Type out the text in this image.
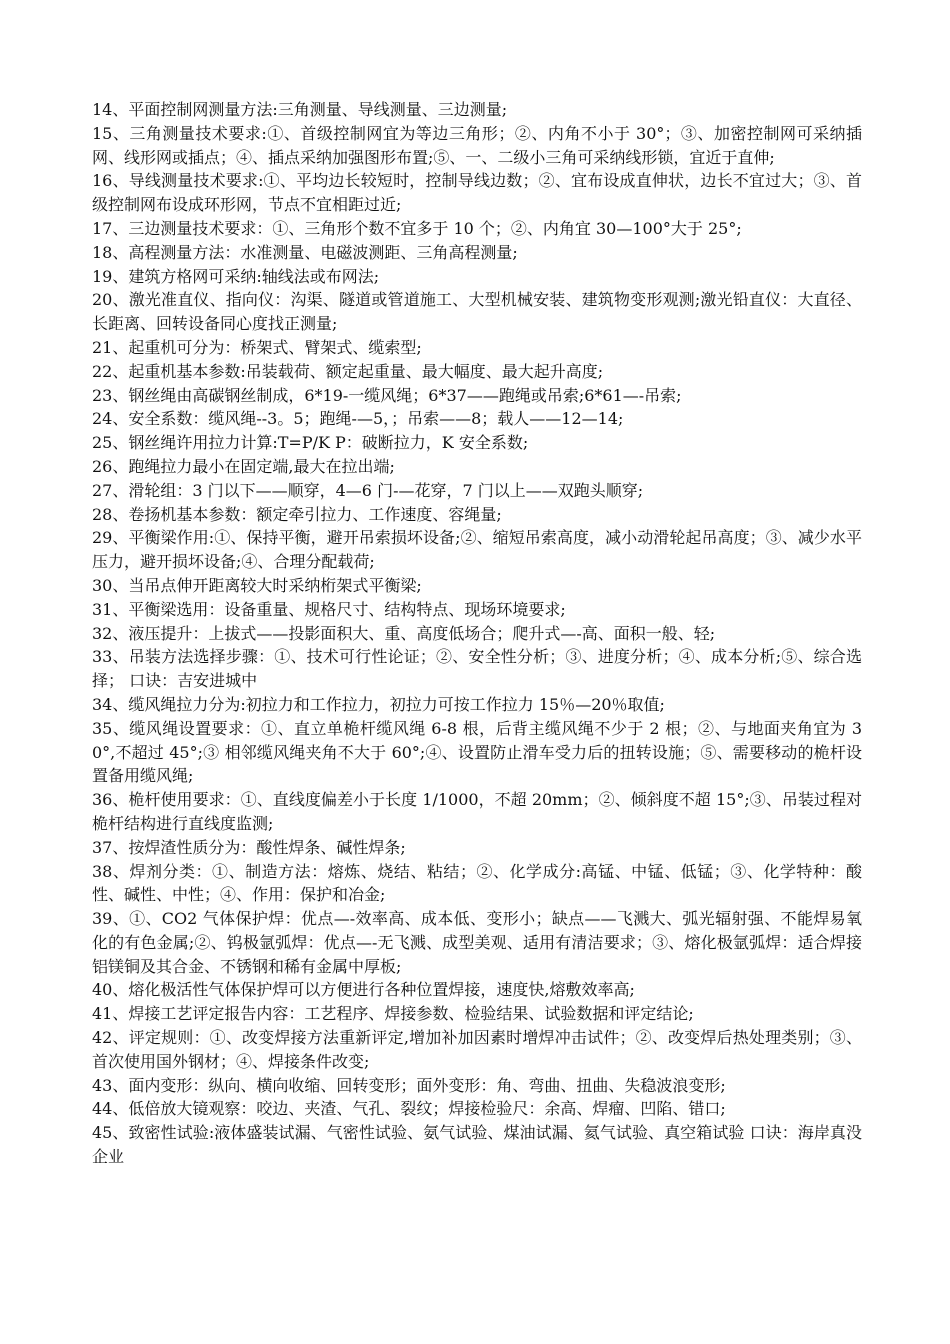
14、平面控制网测量方法:三角测量、导线测量、三边测量;

15、三角测量技术要求:①、首级控制网宜为等边三角形；②、内角不小于 30°；③、加密控制网可采纳插网、线形网或插点；④、插点采纳加强图形布置;⑤、一、二级小三角可采纳线形锁，宜近于直伸;

16、导线测量技术要求:①、平均边长较短时，控制导线边数；②、宜布设成直伸状，边长不宜过大；③、首级控制网布设成环形网，节点不宜相距过近;

17、三边测量技术要求：①、三角形个数不宜多于 10 个；②、内角宜 30—100°大于 25°;

18、高程测量方法：水准测量、电磁波测距、三角高程测量;

19、建筑方格网可采纳:轴线法或布网法;

20、激光准直仪、指向仪：沟渠、隧道或管道施工、大型机械安装、建筑物变形观测;激光铅直仪：大直径、长距离、回转设备同心度找正测量;

21、起重机可分为：桥架式、臂架式、缆索型;

22、起重机基本参数:吊装载荷、额定起重量、最大幅度、最大起升高度;

23、钢丝绳由高碳钢丝制成，6*19-一缆风绳；6*37——跑绳或吊索;6*61—-吊索;

24、安全系数：缆风绳--3。5；跑绳-—5，；吊索——8；载人——12—14;

25、钢丝绳许用拉力计算:T=P/K P：破断拉力，K 安全系数;

26、跑绳拉力最小在固定端,最大在拉出端;

27、滑轮组：3 门以下——顺穿，4—6 门-—花穿，7 门以上——双跑头顺穿;

28、卷扬机基本参数：额定牵引拉力、工作速度、容绳量;

29、平衡梁作用:①、保持平衡，避开吊索损坏设备;②、缩短吊索高度，减小动滑轮起吊高度；③、减少水平压力，避开损坏设备;④、合理分配载荷;

30、当吊点伸开距离较大时采纳桁架式平衡梁;

31、平衡梁选用：设备重量、规格尺寸、结构特点、现场环境要求;

32、液压提升：上拔式——投影面积大、重、高度低场合；爬升式—-高、面积一般、轻;

33、吊装方法选择步骤：①、技术可行性论证；②、安全性分析；③、进度分析；④、成本分析;⑤、综合选择； 口诀：吉安进城中

34、缆风绳拉力分为:初拉力和工作拉力，初拉力可按工作拉力 15％—20％取值;

35、缆风绳设置要求：①、直立单桅杆缆风绳 6-8 根，后背主缆风绳不少于 2 根；②、与地面夹角宜为 30°,不超过 45°;③ 相邻缆风绳夹角不大于 60°;④、设置防止滑车受力后的扭转设施；⑤、需要移动的桅杆设置备用缆风绳;

36、桅杆使用要求：①、直线度偏差小于长度 1/1000，不超 20mm；②、倾斜度不超 15°;③、吊装过程对桅杆结构进行直线度监测;

37、按焊渣性质分为：酸性焊条、碱性焊条;

38、焊剂分类：①、制造方法：熔炼、烧结、粘结；②、化学成分:高锰、中锰、低锰；③、化学特种：酸性、碱性、中性；④、作用：保护和冶金;

39、①、CO2 气体保护焊：优点—-效率高、成本低、变形小；缺点——飞溅大、弧光辐射强、不能焊易氧化的有色金属;②、钨极氩弧焊：优点—-无飞溅、成型美观、适用有清洁要求；③、熔化极氩弧焊：适合焊接铝镁铜及其合金、不锈钢和稀有金属中厚板;

40、熔化极活性气体保护焊可以方便进行各种位置焊接，速度快,熔敷效率高;

41、焊接工艺评定报告内容：工艺程序、焊接参数、检验结果、试验数据和评定结论;

42、评定规则：①、改变焊接方法重新评定,增加补加因素时增焊冲击试件；②、改变焊后热处理类别；③、首次使用国外钢材；④、焊接条件改变;

43、面内变形：纵向、横向收缩、回转变形；面外变形：角、弯曲、扭曲、失稳波浪变形;

44、低倍放大镜观察：咬边、夹渣、气孔、裂纹；焊接检验尺：余高、焊瘤、凹陷、错口;

45、致密性试验:液体盛装试漏、气密性试验、氨气试验、煤油试漏、氦气试验、真空箱试验 口诀：海岸真没企业
